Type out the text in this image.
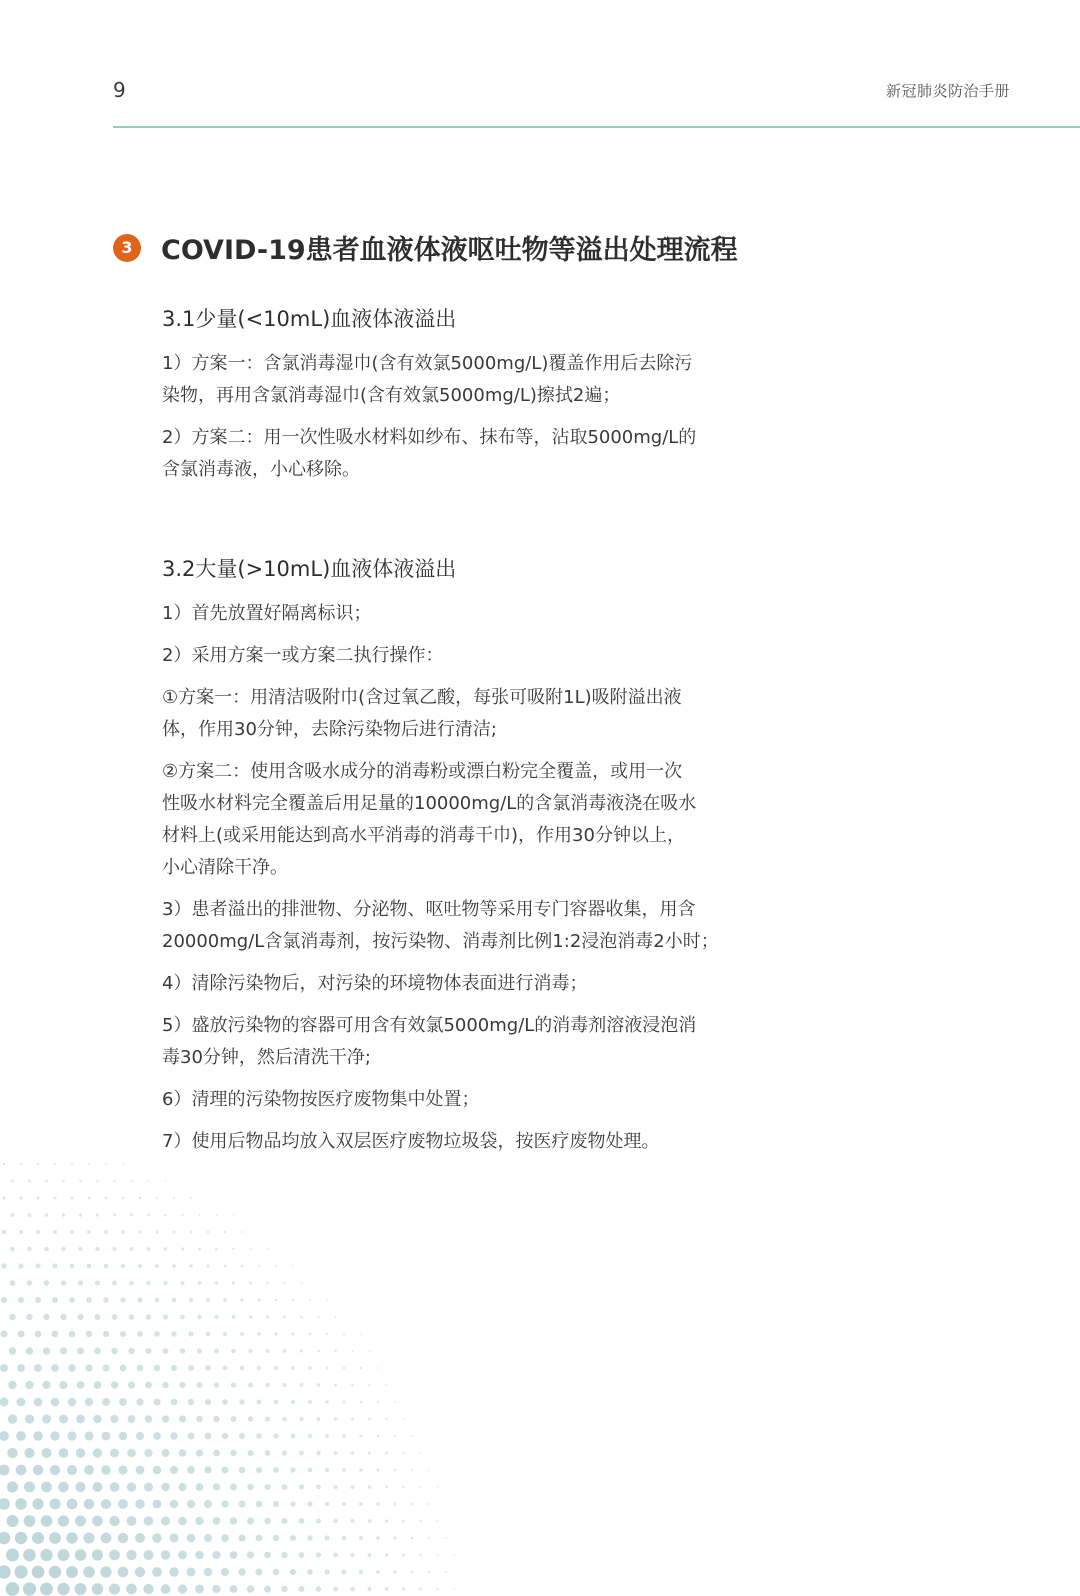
9	新冠肺炎防治手册
3	COVID-19患者血液体液呕吐物等溢出处理流程
3.1少量(<10mL)血液体液溢出

1）方案一：含氯消毒湿巾(含有效氯5000mg/L)覆盖作用后去除污
染物，再用含氯消毒湿巾(含有效氯5000mg/L)擦拭2遍；

2）方案二：用一次性吸水材料如纱布、抹布等，沾取5000mg/L的
含氯消毒液，小心移除。

3.2大量(>10mL)血液体液溢出

1）首先放置好隔离标识；

2）采用方案一或方案二执行操作：

①方案一：用清洁吸附巾(含过氧乙酸，每张可吸附1L)吸附溢出液
体，作用30分钟，去除污染物后进行清洁;

②方案二：使用含吸水成分的消毒粉或漂白粉完全覆盖，或用一次
性吸水材料完全覆盖后用足量的10000mg/L的含氯消毒液浇在吸水
材料上(或采用能达到高水平消毒的消毒干巾)，作用30分钟以上，
小心清除干净。

3）患者溢出的排泄物、分泌物、呕吐物等采用专门容器收集，用含
20000mg/L含氯消毒剂，按污染物、消毒剂比例1:2浸泡消毒2小时；

4）清除污染物后，对污染的环境物体表面进行消毒；

5）盛放污染物的容器可用含有效氯5000mg/L的消毒剂溶液浸泡消
毒30分钟，然后清洗干净;

6）清理的污染物按医疗废物集中处置；

7）使用后物品均放入双层医疗废物垃圾袋，按医疗废物处理。
